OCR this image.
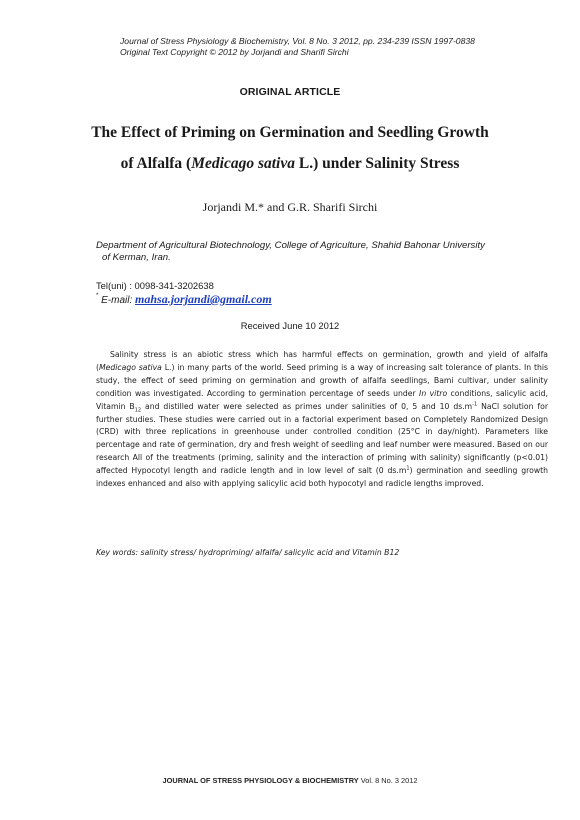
Journal of Stress Physiology & Biochemistry, Vol. 8 No. 3 2012, pp. 234-239 ISSN 1997-0838
Original Text Copyright © 2012 by Jorjandi and Sharifi Sirchi
ORIGINAL ARTICLE
The Effect of Priming on Germination and Seedling Growth
of Alfalfa (Medicago sativa L.) under Salinity Stress
Jorjandi M.* and G.R. Sharifi Sirchi
Department of Agricultural Biotechnology, College of Agriculture, Shahid Bahonar University
of Kerman, Iran.
Tel(uni) : 0098-341-3202638
* E-mail: mahsa.jorjandi@gmail.com
Received June 10 2012

Salinity stress is an abiotic stress which has harmful effects on germination, growth and yield of alfalfa (Medicago sativa L.) in many parts of the world. Seed priming is a way of increasing salt tolerance of plants. In this study, the effect of seed priming on germination and growth of alfalfa seedlings, Bami cultivar, under salinity condition was investigated. According to germination percentage of seeds under In vitro conditions, salicylic acid, Vitamin $B_{12}$ and distilled water were selected as primes under salinities of 0, 5 and 10 $ds.m^{-1}$ NaCl solution for further studies. These studies were carried out in a factorial experiment based on Completely Randomized Design (CRD) with three replications in greenhouse under controlled condition (25°C in day/night). Parameters like percentage and rate of germination, dry and fresh weight of seedling and leaf number were measured. Based on our research All of the treatments (priming, salinity and the interaction of priming with salinity) significantly (p<0.01) affected Hypocotyl length and radicle length and in low level of salt (0 $ds.m^1$) germination and seedling growth indexes enhanced and also with applying salicylic acid both hypocotyl and radicle lengths improved.

Key words: salinity stress/ hydropriming/ alfalfa/ salicylic acid and Vitamin B12
JOURNAL OF STRESS PHYSIOLOGY & BIOCHEMISTRY Vol. 8 No. 3 2012
